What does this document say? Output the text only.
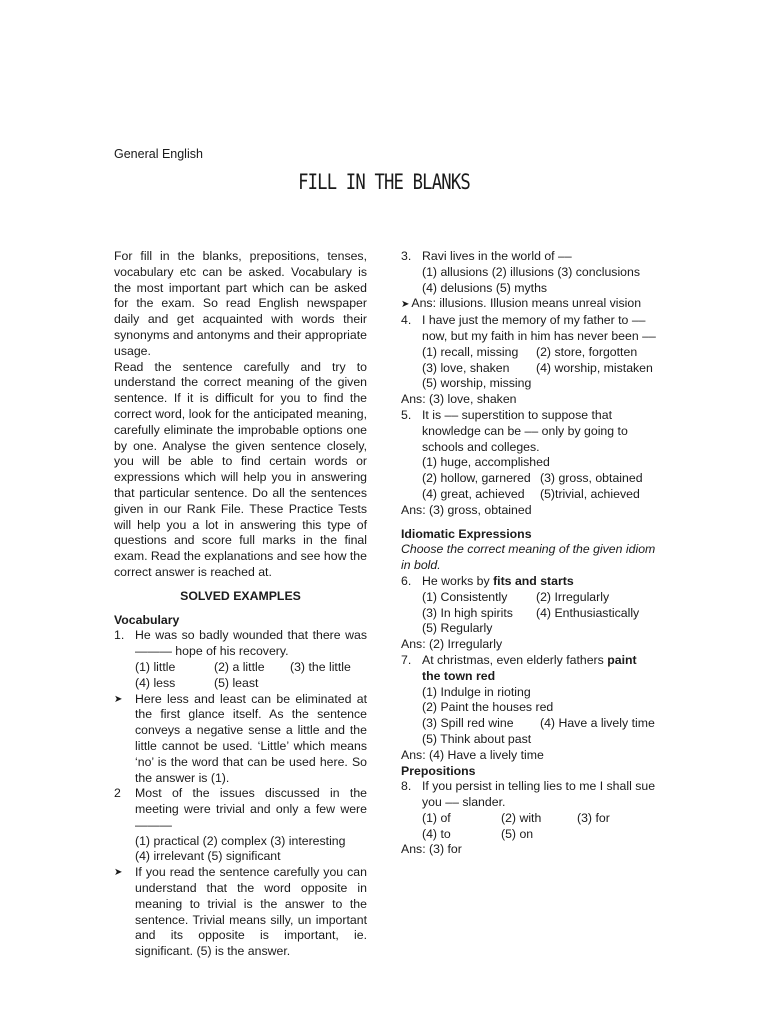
General English
FILL IN THE BLANKS

For fill in the blanks, prepositions, tenses, vocabulary etc can be asked. Vocabulary is the most important part which can be asked for the exam. So read English newspaper daily and get acquainted with words their synonyms and antonyms and their appropriate usage.

Read the sentence carefully and try to understand the correct meaning of the given sentence. If it is difficult for you to find the correct word, look for the anticipated meaning, carefully eliminate the improbable options one by one. Analyse the given sentence closely, you will be able to find certain words or expressions which will help you in answering that particular sentence. Do all the sentences given in our Rank File. These Practice Tests will help you a lot in answering this type of questions and score full marks in the final exam. Read the explanations and see how the correct answer is reached at.

SOLVED EXAMPLES
Vocabulary
1. He was so badly wounded that there was ——— hope of his recovery.
(1) little	(2) a little	(3) the little
(4) less	(5) least
➤ Here less and least can be eliminated at the first glance itself. As the sentence conveys a negative sense a little and the little cannot be used. ‘Little’ which means ‘no’ is the word that can be used here. So the answer is (1).
2 Most of the issues discussed in the meeting were trivial and only a few were ———
(1) practical (2) complex (3) interesting
(4) irrelevant (5) significant
➤ If you read the sentence carefully you can understand that the word opposite in meaning to trivial is the answer to the sentence. Trivial means silly, un important and its opposite is important, ie. significant. (5) is the answer.
3. Ravi lives in the world of ––
(1) allusions (2) illusions (3) conclusions
(4) delusions (5) myths
➤ Ans: illusions. Illusion means unreal vision
4. I have just the memory of my father to ––
now, but my faith in him has never been ––
(1) recall, missing	(2) store, forgotten
(3) love, shaken	(4) worship, mistaken
(5) worship, missing
Ans: (3) love, shaken
5. It is –– superstition to suppose that knowledge can be –– only by going to schools and colleges.
(1) huge, accomplished
(2) hollow, garnered (3) gross, obtained
(4) great, achieved	(5)trivial, achieved
Ans: (3) gross, obtained
Idiomatic Expressions
Choose the correct meaning of the given idiom in bold.
6. He works by fits and starts
(1) Consistently	(2) Irregularly
(3) In high spirits	(4) Enthusiastically
(5) Regularly
Ans: (2) Irregularly
7. At christmas, even elderly fathers paint the town red
(1) Indulge in rioting
(2) Paint the houses red
(3) Spill red wine	(4) Have a lively time
(5) Think about past
Ans: (4) Have a lively time
Prepositions
8. If you persist in telling lies to me I shall sue you –– slander.
(1) of	(2) with	(3) for
(4) to	(5) on
Ans: (3) for
